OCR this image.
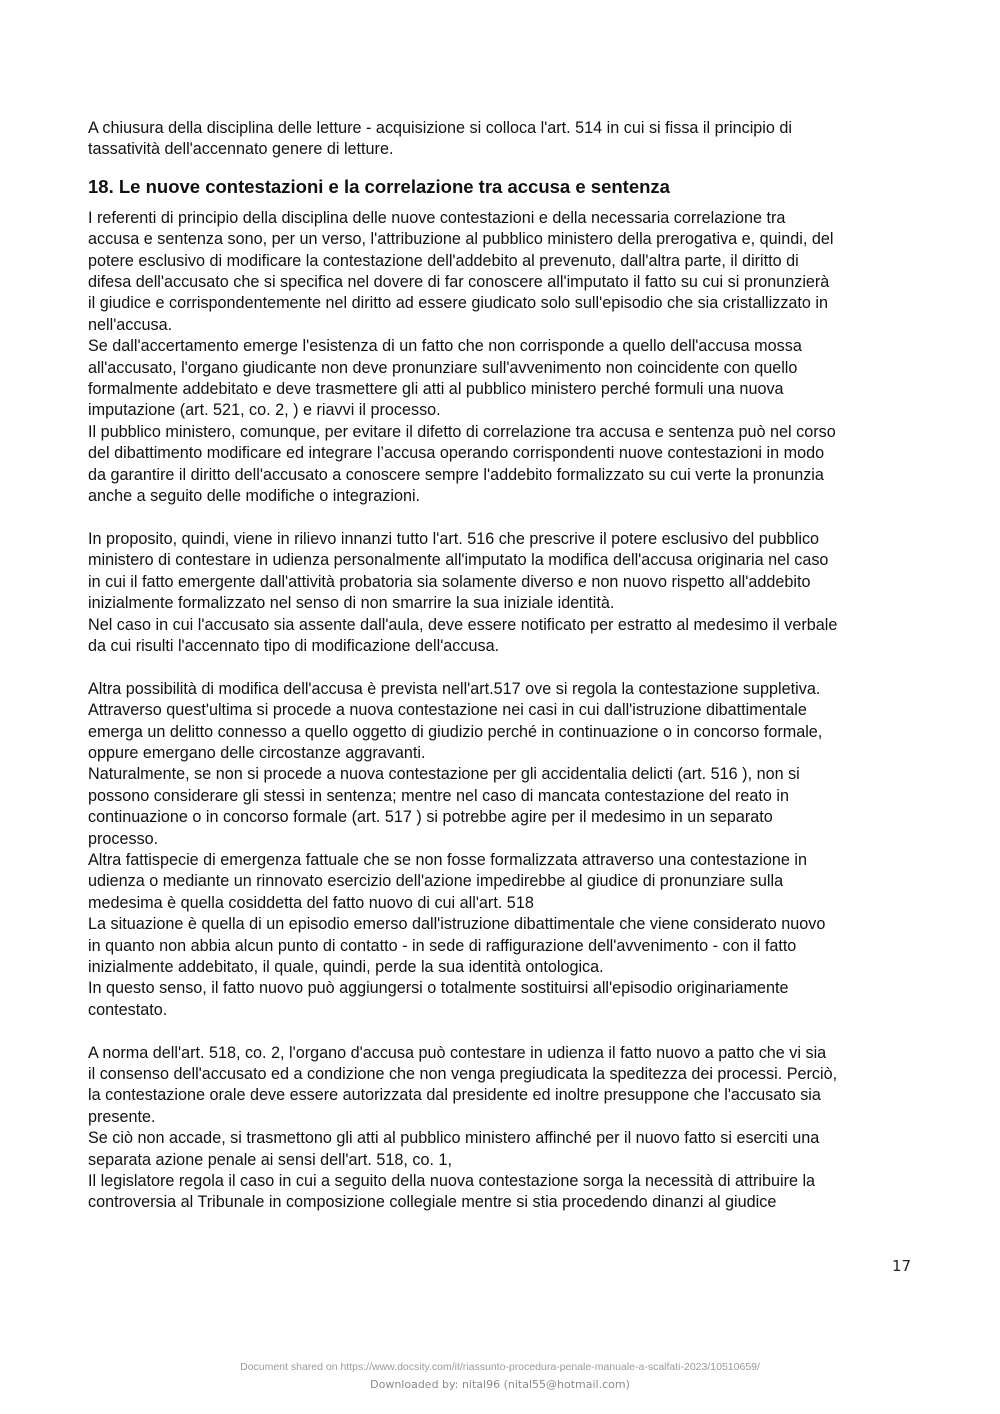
A chiusura della disciplina delle letture - acquisizione si colloca l'art. 514 in cui si fissa il principio di
tassatività dell'accennato genere di letture.
18. Le nuove contestazioni e la correlazione tra accusa e sentenza
I referenti di principio della disciplina delle nuove contestazioni e della necessaria correlazione tra
accusa e sentenza sono, per un verso, l'attribuzione al pubblico ministero della prerogativa e, quindi, del
potere esclusivo di modificare la contestazione dell'addebito al prevenuto, dall'altra parte, il diritto di
difesa dell'accusato che si specifica nel dovere di far conoscere all'imputato il fatto su cui si pronunzierà
il giudice e corrispondentemente nel diritto ad essere giudicato solo sull'episodio che sia cristallizzato in
nell'accusa.
Se dall'accertamento emerge l'esistenza di un fatto che non corrisponde a quello dell'accusa mossa
all'accusato, l'organo giudicante non deve pronunziare sull'avvenimento non coincidente con quello
formalmente addebitato e deve trasmettere gli atti al pubblico ministero perché formuli una nuova
imputazione (art. 521, co. 2, ) e riavvi il processo.
Il pubblico ministero, comunque, per evitare il difetto di correlazione tra accusa e sentenza può nel corso
del dibattimento modificare ed integrare l’accusa operando corrispondenti nuove contestazioni in modo
da garantire il diritto dell'accusato a conoscere sempre l'addebito formalizzato su cui verte la pronunzia
anche a seguito delle modifiche o integrazioni.
In proposito, quindi, viene in rilievo innanzi tutto l'art. 516 che prescrive il potere esclusivo del pubblico
ministero di contestare in udienza personalmente all'imputato la modifica dell'accusa originaria nel caso
in cui il fatto emergente dall'attività probatoria sia solamente diverso e non nuovo rispetto all'addebito
inizialmente formalizzato nel senso di non smarrire la sua iniziale identità.
Nel caso in cui l'accusato sia assente dall'aula, deve essere notificato per estratto al medesimo il verbale
da cui risulti l'accennato tipo di modificazione dell'accusa.
Altra possibilità di modifica dell'accusa è prevista nell'art.517 ove si regola la contestazione suppletiva.
Attraverso quest'ultima si procede a nuova contestazione nei casi in cui dall'istruzione dibattimentale
emerga un delitto connesso a quello oggetto di giudizio perché in continuazione o in concorso formale,
oppure emergano delle circostanze aggravanti.
Naturalmente, se non si procede a nuova contestazione per gli accidentalia delicti (art. 516 ), non si
possono considerare gli stessi in sentenza; mentre nel caso di mancata contestazione del reato in
continuazione o in concorso formale (art. 517 ) si potrebbe agire per il medesimo in un separato
processo.
Altra fattispecie di emergenza fattuale che se non fosse formalizzata attraverso una contestazione in
udienza o mediante un rinnovato esercizio dell'azione impedirebbe al giudice di pronunziare sulla
medesima è quella cosiddetta del fatto nuovo di cui all'art. 518
La situazione è quella di un episodio emerso dall'istruzione dibattimentale che viene considerato nuovo
in quanto non abbia alcun punto di contatto - in sede di raffigurazione dell'avvenimento - con il fatto
inizialmente addebitato, il quale, quindi, perde la sua identità ontologica.
In questo senso, il fatto nuovo può aggiungersi o totalmente sostituirsi all'episodio originariamente
contestato.
A norma dell'art. 518, co. 2, l'organo d'accusa può contestare in udienza il fatto nuovo a patto che vi sia
il consenso dell'accusato ed a condizione che non venga pregiudicata la speditezza dei processi. Perciò,
la contestazione orale deve essere autorizzata dal presidente ed inoltre presuppone che l'accusato sia
presente.
Se ciò non accade, si trasmettono gli atti al pubblico ministero affinché per il nuovo fatto si eserciti una
separata azione penale ai sensi dell'art. 518, co. 1,
Il legislatore regola il caso in cui a seguito della nuova contestazione sorga la necessità di attribuire la
controversia al Tribunale in composizione collegiale mentre si stia procedendo dinanzi al giudice
17
Document shared on https://www.docsity.com/it/riassunto-procedura-penale-manuale-a-scalfati-2023/10510659/
Downloaded by: nital96 (nital55@hotmail.com)
